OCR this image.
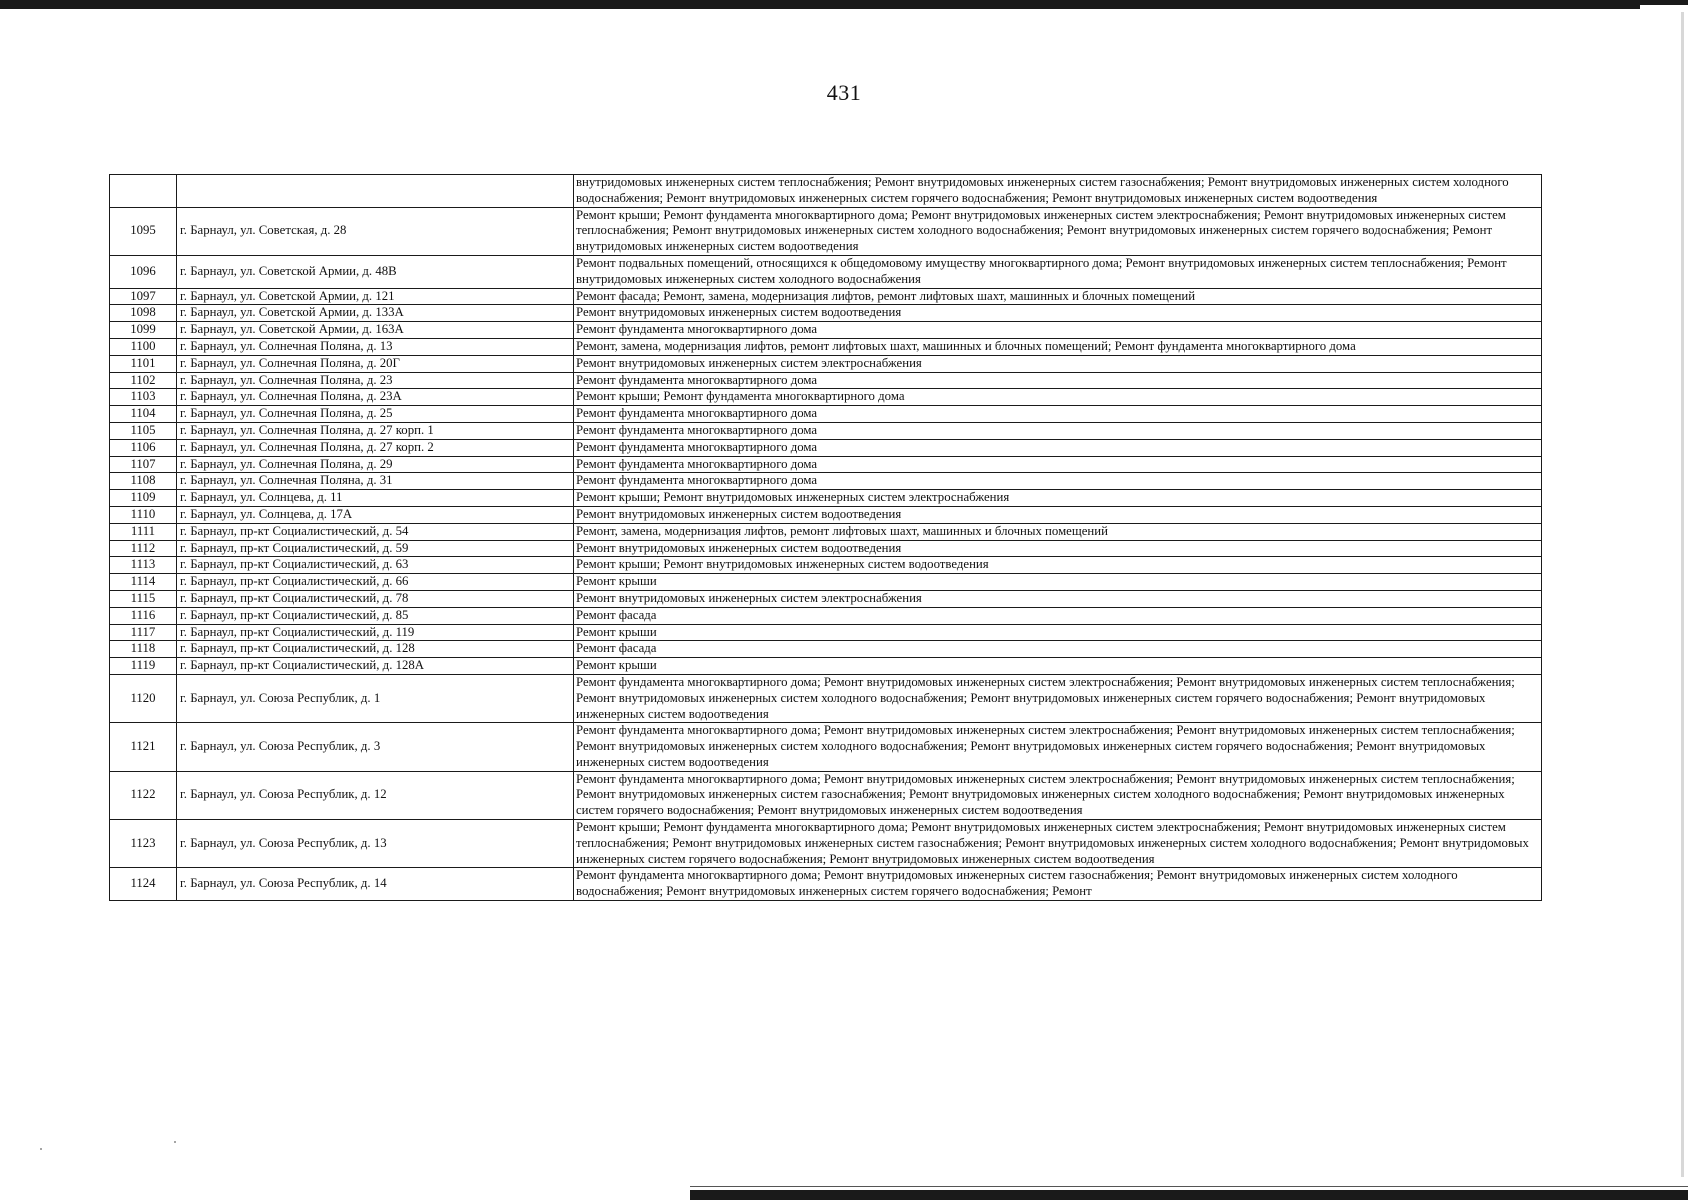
431
		внутридомовых инженерных систем теплоснабжения; Ремонт внутридомовых инженерных систем газоснабжения; Ремонт внутридомовых инженерных систем холодного водоснабжения; Ремонт внутридомовых инженерных систем горячего водоснабжения; Ремонт внутридомовых инженерных систем водоотведения
1095	г. Барнаул, ул. Советская, д. 28	Ремонт крыши; Ремонт фундамента многоквартирного дома; Ремонт внутридомовых инженерных систем электроснабжения; Ремонт внутридомовых инженерных систем теплоснабжения; Ремонт внутридомовых инженерных систем холодного водоснабжения; Ремонт внутридомовых инженерных систем горячего водоснабжения; Ремонт внутридомовых инженерных систем водоотведения
1096	г. Барнаул, ул. Советской Армии, д. 48В	Ремонт подвальных помещений, относящихся к общедомовому имуществу многоквартирного дома; Ремонт внутридомовых инженерных систем теплоснабжения; Ремонт внутридомовых инженерных систем холодного водоснабжения
1097	г. Барнаул, ул. Советской Армии, д. 121	Ремонт фасада; Ремонт, замена, модернизация лифтов, ремонт лифтовых шахт, машинных и блочных помещений
1098	г. Барнаул, ул. Советской Армии, д. 133А	Ремонт внутридомовых инженерных систем водоотведения
1099	г. Барнаул, ул. Советской Армии, д. 163А	Ремонт фундамента многоквартирного дома
1100	г. Барнаул, ул. Солнечная Поляна, д. 13	Ремонт, замена, модернизация лифтов, ремонт лифтовых шахт, машинных и блочных помещений; Ремонт фундамента многоквартирного дома
1101	г. Барнаул, ул. Солнечная Поляна, д. 20Г	Ремонт внутридомовых инженерных систем электроснабжения
1102	г. Барнаул, ул. Солнечная Поляна, д. 23	Ремонт фундамента многоквартирного дома
1103	г. Барнаул, ул. Солнечная Поляна, д. 23А	Ремонт крыши; Ремонт фундамента многоквартирного дома
1104	г. Барнаул, ул. Солнечная Поляна, д. 25	Ремонт фундамента многоквартирного дома
1105	г. Барнаул, ул. Солнечная Поляна, д. 27 корп. 1	Ремонт фундамента многоквартирного дома
1106	г. Барнаул, ул. Солнечная Поляна, д. 27 корп. 2	Ремонт фундамента многоквартирного дома
1107	г. Барнаул, ул. Солнечная Поляна, д. 29	Ремонт фундамента многоквартирного дома
1108	г. Барнаул, ул. Солнечная Поляна, д. 31	Ремонт фундамента многоквартирного дома
1109	г. Барнаул, ул. Солнцева, д. 11	Ремонт крыши; Ремонт внутридомовых инженерных систем электроснабжения
1110	г. Барнаул, ул. Солнцева, д. 17А	Ремонт внутридомовых инженерных систем водоотведения
1111	г. Барнаул, пр-кт Социалистический, д. 54	Ремонт, замена, модернизация лифтов, ремонт лифтовых шахт, машинных и блочных помещений
1112	г. Барнаул, пр-кт Социалистический, д. 59	Ремонт внутридомовых инженерных систем водоотведения
1113	г. Барнаул, пр-кт Социалистический, д. 63	Ремонт крыши; Ремонт внутридомовых инженерных систем водоотведения
1114	г. Барнаул, пр-кт Социалистический, д. 66	Ремонт крыши
1115	г. Барнаул, пр-кт Социалистический, д. 78	Ремонт внутридомовых инженерных систем электроснабжения
1116	г. Барнаул, пр-кт Социалистический, д. 85	Ремонт фасада
1117	г. Барнаул, пр-кт Социалистический, д. 119	Ремонт крыши
1118	г. Барнаул, пр-кт Социалистический, д. 128	Ремонт фасада
1119	г. Барнаул, пр-кт Социалистический, д. 128А	Ремонт крыши
1120	г. Барнаул, ул. Союза Республик, д. 1	Ремонт фундамента многоквартирного дома; Ремонт внутридомовых инженерных систем электроснабжения; Ремонт внутридомовых инженерных систем теплоснабжения; Ремонт внутридомовых инженерных систем холодного водоснабжения; Ремонт внутридомовых инженерных систем горячего водоснабжения; Ремонт внутридомовых инженерных систем водоотведения
1121	г. Барнаул, ул. Союза Республик, д. 3	Ремонт фундамента многоквартирного дома; Ремонт внутридомовых инженерных систем электроснабжения; Ремонт внутридомовых инженерных систем теплоснабжения; Ремонт внутридомовых инженерных систем холодного водоснабжения; Ремонт внутридомовых инженерных систем горячего водоснабжения; Ремонт внутридомовых инженерных систем водоотведения
1122	г. Барнаул, ул. Союза Республик, д. 12	Ремонт фундамента многоквартирного дома; Ремонт внутридомовых инженерных систем электроснабжения; Ремонт внутридомовых инженерных систем теплоснабжения; Ремонт внутридомовых инженерных систем газоснабжения; Ремонт внутридомовых инженерных систем холодного водоснабжения; Ремонт внутридомовых инженерных систем горячего водоснабжения; Ремонт внутридомовых инженерных систем водоотведения
1123	г. Барнаул, ул. Союза Республик, д. 13	Ремонт крыши; Ремонт фундамента многоквартирного дома; Ремонт внутридомовых инженерных систем электроснабжения; Ремонт внутридомовых инженерных систем теплоснабжения; Ремонт внутридомовых инженерных систем газоснабжения; Ремонт внутридомовых инженерных систем холодного водоснабжения; Ремонт внутридомовых инженерных систем горячего водоснабжения; Ремонт внутридомовых инженерных систем водоотведения
1124	г. Барнаул, ул. Союза Республик, д. 14	Ремонт фундамента многоквартирного дома; Ремонт внутридомовых инженерных систем газоснабжения; Ремонт внутридомовых инженерных систем холодного водоснабжения; Ремонт внутридомовых инженерных систем горячего водоснабжения; Ремонт
